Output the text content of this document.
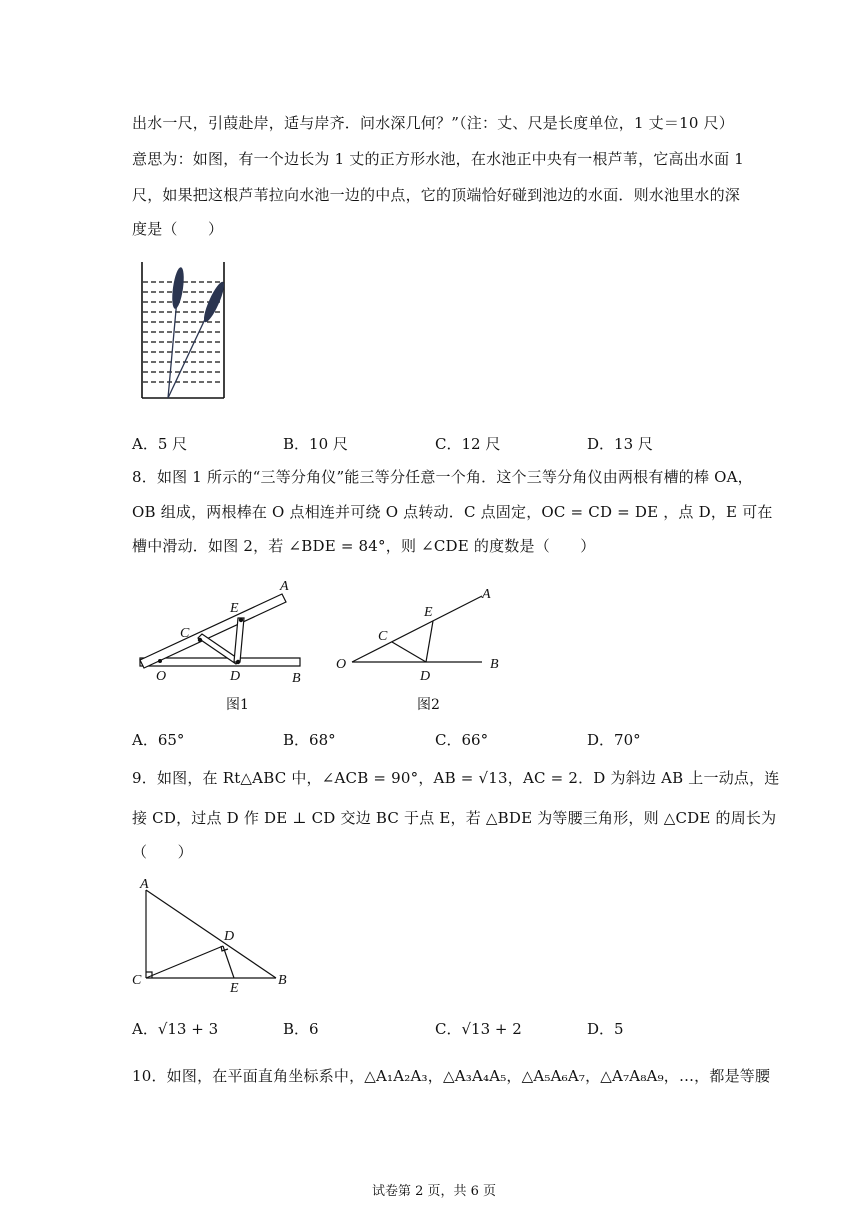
出水一尺，引葭赴岸，适与岸齐．问水深几何？”（注：丈、尺是长度单位，1 丈＝10 尺）
意思为：如图，有一个边长为 1 丈的正方形水池，在水池正中央有一根芦苇，它高出水面 1
尺，如果把这根芦苇拉向水池一边的中点，它的顶端恰好碰到池边的水面．则水池里水的深
度是（　　）
A．5 尺	B．10 尺	C．12 尺	D．13 尺
8．如图 1 所示的“三等分角仪”能三等分任意一个角．这个三等分角仪由两根有槽的棒 OA，
OB 组成，两根棒在 O 点相连并可绕 O 点转动．C 点固定，OC = CD = DE ，点 D，E 可在
槽中滑动．如图 2，若 ∠BDE = 84°，则 ∠CDE 的度数是（　　）
A
E
C
O	D	B
图1
A
E
C
O
D
B
图2
A．65°	B．68°	C．66°	D．70°
9．如图，在 Rt△ABC 中，∠ACB = 90°，AB = √13，AC = 2．D 为斜边 AB 上一动点，连
接 CD，过点 D 作 DE ⊥ CD 交边 BC 于点 E，若 △BDE 为等腰三角形，则 △CDE 的周长为
（　　）
A
D
C
E
B
A．√13 + 3	B．6	C．√13 + 2	D．5
10．如图，在平面直角坐标系中，△A₁A₂A₃，△A₃A₄A₅，△A₅A₆A₇，△A₇A₈A₉，…，都是等腰
试卷第 2 页，共 6 页
